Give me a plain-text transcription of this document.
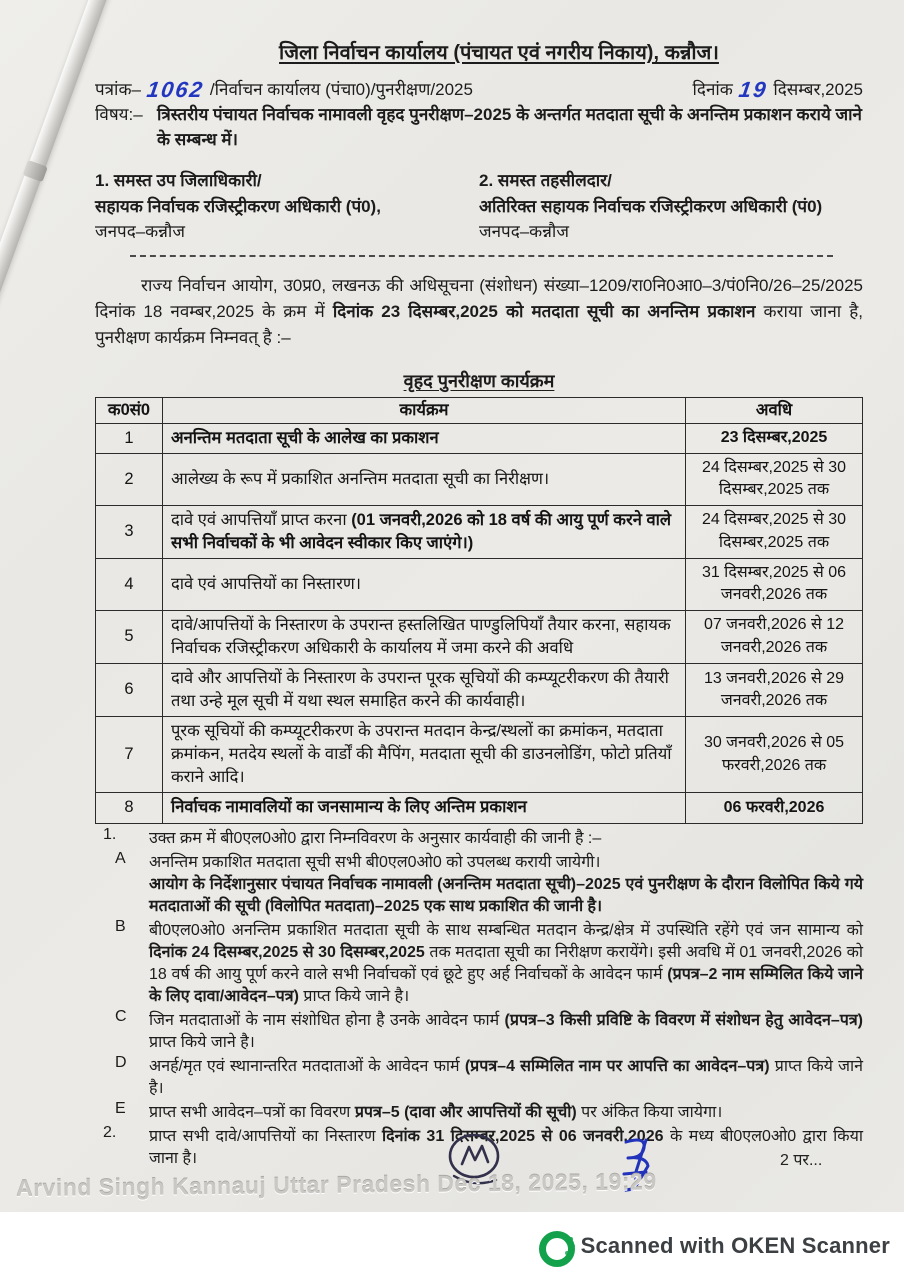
जिला निर्वाचन कार्यालय (पंचायत एवं नगरीय निकाय), कन्नौज।
पत्रांक– 1062 /निर्वाचन कार्यालय (पंचा0)/पुनरीक्षण/2025	दिनांक 19 दिसम्बर,2025
विषय:– त्रिस्तरीय पंचायत निर्वाचक नामावली वृहद पुनरीक्षण–2025 के अन्तर्गत मतदाता सूची के अनन्तिम प्रकाशन कराये जाने के सम्बन्ध में।
1. समस्त उप जिलाधिकारी/
सहायक निर्वाचक रजिस्ट्रीकरण अधिकारी (पं0),
जनपद–कन्नौज
2. समस्त तहसीलदार/
अतिरिक्त सहायक निर्वाचक रजिस्ट्रीकरण अधिकारी (पं0)
जनपद–कन्नौज

राज्य निर्वाचन आयोग, उ0प्र0, लखनऊ की अधिसूचना (संशोधन) संख्या–1209/रा0नि0आ0–3/पं0नि0/26–25/2025 दिनांक 18 नवम्बर,2025 के क्रम में दिनांक 23 दिसम्बर,2025 को मतदाता सूची का अनन्तिम प्रकाशन कराया जाना है, पुनरीक्षण कार्यक्रम निम्नवत् है :–

वृहद पुनरीक्षण कार्यक्रम
क0सं0	कार्यक्रम	अवधि
1	अनन्तिम मतदाता सूची के आलेख का प्रकाशन	23 दिसम्बर,2025
2	आलेख्य के रूप में प्रकाशित अनन्तिम मतदाता सूची का निरीक्षण।	24 दिसम्बर,2025 से 30 दिसम्बर,2025 तक
3	दावे एवं आपत्तियाँ प्राप्त करना (01 जनवरी,2026 को 18 वर्ष की आयु पूर्ण करने वाले सभी निर्वाचकों के भी आवेदन स्वीकार किए जाएंगे।)	24 दिसम्बर,2025 से 30 दिसम्बर,2025 तक
4	दावे एवं आपत्तियों का निस्तारण।	31 दिसम्बर,2025 से 06 जनवरी,2026 तक
5	दावे/आपत्तियों के निस्तारण के उपरान्त हस्तलिखित पाण्डुलिपियाँ तैयार करना, सहायक निर्वाचक रजिस्ट्रीकरण अधिकारी के कार्यालय में जमा करने की अवधि	07 जनवरी,2026 से 12 जनवरी,2026 तक
6	दावे और आपत्तियों के निस्तारण के उपरान्त पूरक सूचियों की कम्प्यूटरीकरण की तैयारी तथा उन्हे मूल सूची में यथा स्थल समाहित करने की कार्यवाही।	13 जनवरी,2026 से 29 जनवरी,2026 तक
7	पूरक सूचियों की कम्प्यूटरीकरण के उपरान्त मतदान केन्द्र/स्थलों का क्रमांकन, मतदाता क्रमांकन, मतदेय स्थलों के वार्डों की मैपिंग, मतदाता सूची की डाउनलोडिंग, फोटो प्रतियाँ कराने आदि।	30 जनवरी,2026 से 05 फरवरी,2026 तक
8	निर्वाचक नामावलियों का जनसामान्य के लिए अन्तिम प्रकाशन	06 फरवरी,2026
1.	उक्त क्रम में बी0एल0ओ0 द्वारा निम्नविवरण के अनुसार कार्यवाही की जानी है :–
A	अनन्तिम प्रकाशित मतदाता सूची सभी बी0एल0ओ0 को उपलब्ध करायी जायेगी।
आयोग के निर्देशानुसार पंचायत निर्वाचक नामावली (अनन्तिम मतदाता सूची)–2025 एवं पुनरीक्षण के दौरान विलोपित किये गये मतदाताओं की सूची (विलोपित मतदाता)–2025 एक साथ प्रकाशित की जानी है।
B	बी0एल0ओ0 अनन्तिम प्रकाशित मतदाता सूची के साथ सम्बन्धित मतदान केन्द्र/क्षेत्र में उपस्थिति रहेंगे एवं जन सामान्य को दिनांक 24 दिसम्बर,2025 से 30 दिसम्बर,2025 तक मतदाता सूची का निरीक्षण करायेंगे। इसी अवधि में 01 जनवरी,2026 को 18 वर्ष की आयु पूर्ण करने वाले सभी निर्वाचकों एवं छूटे हुए अर्ह निर्वाचकों के आवेदन फार्म (प्रपत्र–2 नाम सम्मिलित किये जाने के लिए दावा/आवेदन–पत्र) प्राप्त किये जाने है।
C	जिन मतदाताओं के नाम संशोधित होना है उनके आवेदन फार्म (प्रपत्र–3 किसी प्रविष्टि के विवरण में संशोधन हेतु आवेदन–पत्र) प्राप्त किये जाने है।
D	अनर्ह/मृत एवं स्थानान्तरित मतदाताओं के आवेदन फार्म (प्रपत्र–4 सम्मिलित नाम पर आपत्ति का आवेदन–पत्र) प्राप्त किये जाने है।
E	प्राप्त सभी आवेदन–पत्रों का विवरण प्रपत्र–5 (दावा और आपत्तियों की सूची) पर अंकित किया जायेगा।
2.	प्राप्त सभी दावे/आपत्तियों का निस्तारण दिनांक 31 दिसम्बर,2025 से 06 जनवरी,2026 के मध्य बी0एल0ओ0 द्वारा किया जाना है।	2 पर...
Arvind Singh Kannauj Uttar Pradesh Dec 18, 2025, 19:29
Scanned with OKEN Scanner
